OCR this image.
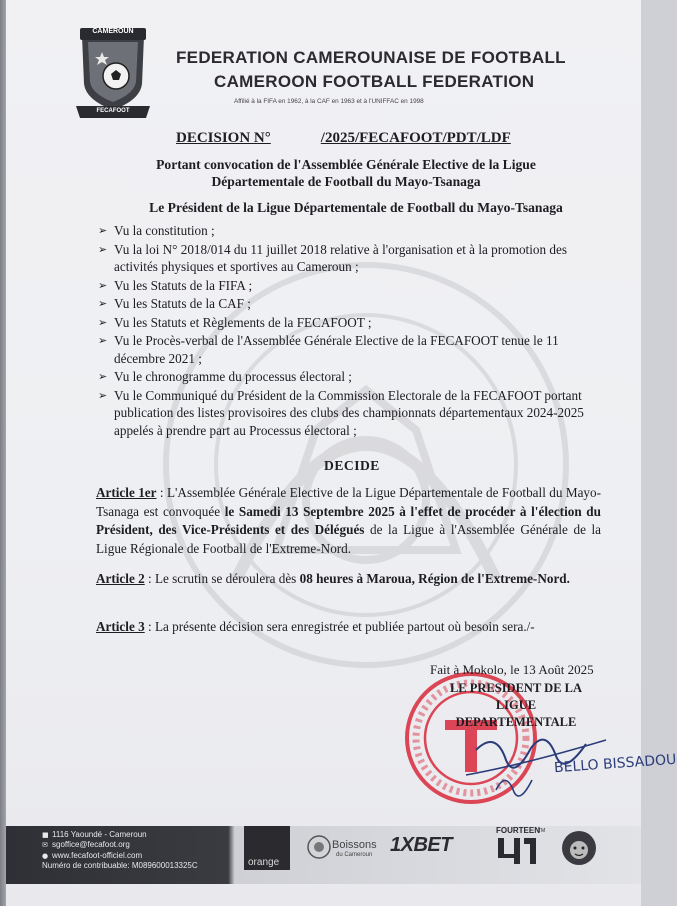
CAMEROUN
FECAFOOT
FEDERATION CAMEROUNAISE DE FOOTBALL
CAMEROON FOOTBALL FEDERATION
Affilié à la FIFA en 1962, à la CAF en 1963 et à l'UNIFFAC en 1998
DECISION N°	/2025/FECAFOOT/PDT/LDF
Portant convocation de l'Assemblée Générale Elective de la Ligue Départementale de Football du Mayo-Tsanaga
Le Président de la Ligue Départementale de Football du Mayo-Tsanaga
➢ Vu la constitution ;
➢ Vu la loi N° 2018/014 du 11 juillet 2018 relative à l'organisation et à la promotion des activités physiques et sportives au Cameroun ;
➢ Vu les Statuts de la FIFA ;
➢ Vu les Statuts de la CAF ;
➢ Vu les Statuts et Règlements de la FECAFOOT ;
➢ Vu le Procès-verbal de l'Assemblée Générale Elective de la FECAFOOT tenue le 11 décembre 2021 ;
➢ Vu le chronogramme du processus électoral ;
➢ Vu le Communiqué du Président de la Commission Electorale de la FECAFOOT portant publication des listes provisoires des clubs des championnats départementaux 2024-2025 appelés à prendre part au Processus électoral ;
DECIDE
Article 1er : L'Assemblée Générale Elective de la Ligue Départementale de Football du Mayo-Tsanaga est convoquée le Samedi 13 Septembre 2025 à l'effet de procéder à l'élection du Président, des Vice-Présidents et des Délégués de la Ligue à l'Assemblée Générale de la Ligue Régionale de Football de l'Extreme-Nord.
Article 2 : Le scrutin se déroulera dès 08 heures à Maroua, Région de l'Extreme-Nord.
Article 3 : La présente décision sera enregistrée et publiée partout où besoin sera./-
Fait à Mokolo, le 13 Août 2025
LE PRESIDENT DE LA LIGUE
DEPARTEMENTALE
BELLO BISSADOU
■ 1116 Yaoundé - Cameroun
✉ sgoffice@fecafoot.org
● www.fecafoot-officiel.com
Numéro de contribuable: M089600013325C	orange
Boissons
du Cameroun 1XBET
FOURTEEN
TM
